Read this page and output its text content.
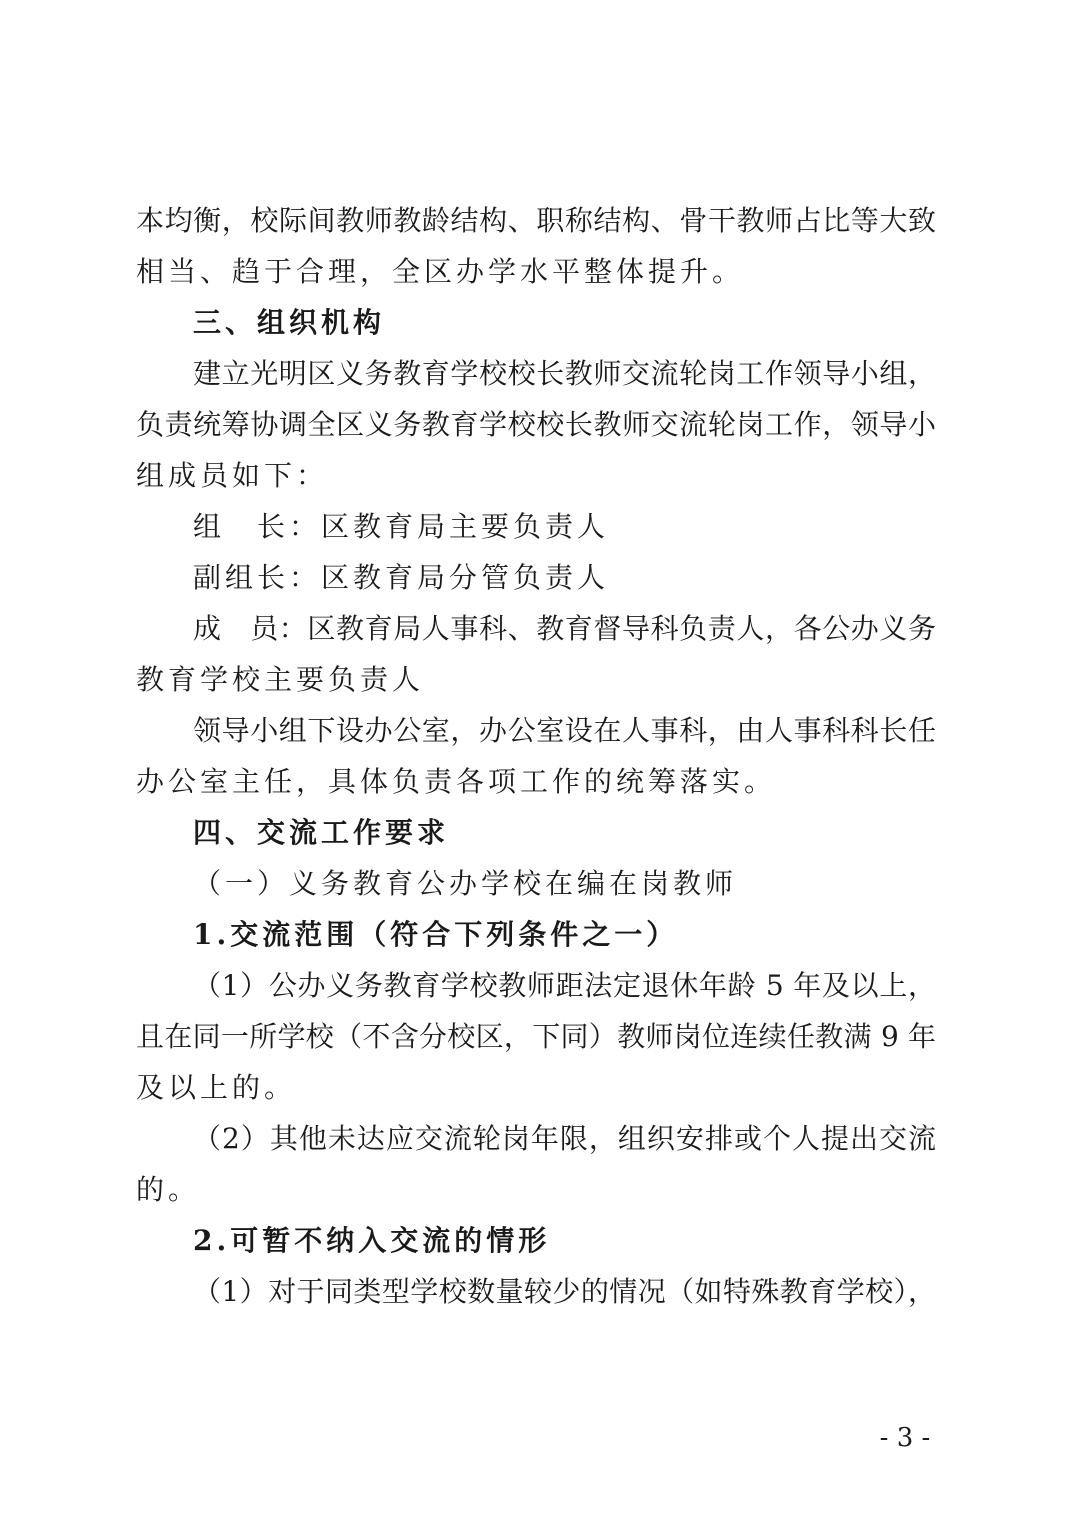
本均衡，校际间教师教龄结构、职称结构、骨干教师占比等大致
相当、趋于合理，全区办学水平整体提升。
三、组织机构
建立光明区义务教育学校校长教师交流轮岗工作领导小组，
负责统筹协调全区义务教育学校校长教师交流轮岗工作，领导小
组成员如下：
组　长：区教育局主要负责人
副组长：区教育局分管负责人
成　员：区教育局人事科、教育督导科负责人，各公办义务
教育学校主要负责人
领导小组下设办公室，办公室设在人事科，由人事科科长任
办公室主任，具体负责各项工作的统筹落实。
四、交流工作要求
（一）义务教育公办学校在编在岗教师
1.交流范围（符合下列条件之一）
（1）公办义务教育学校教师距法定退休年龄 5 年及以上，
且在同一所学校（不含分校区，下同）教师岗位连续任教满 9 年
及以上的。
（2）其他未达应交流轮岗年限，组织安排或个人提出交流
的。
2.可暂不纳入交流的情形
（1）对于同类型学校数量较少的情况（如特殊教育学校），
- 3 -
